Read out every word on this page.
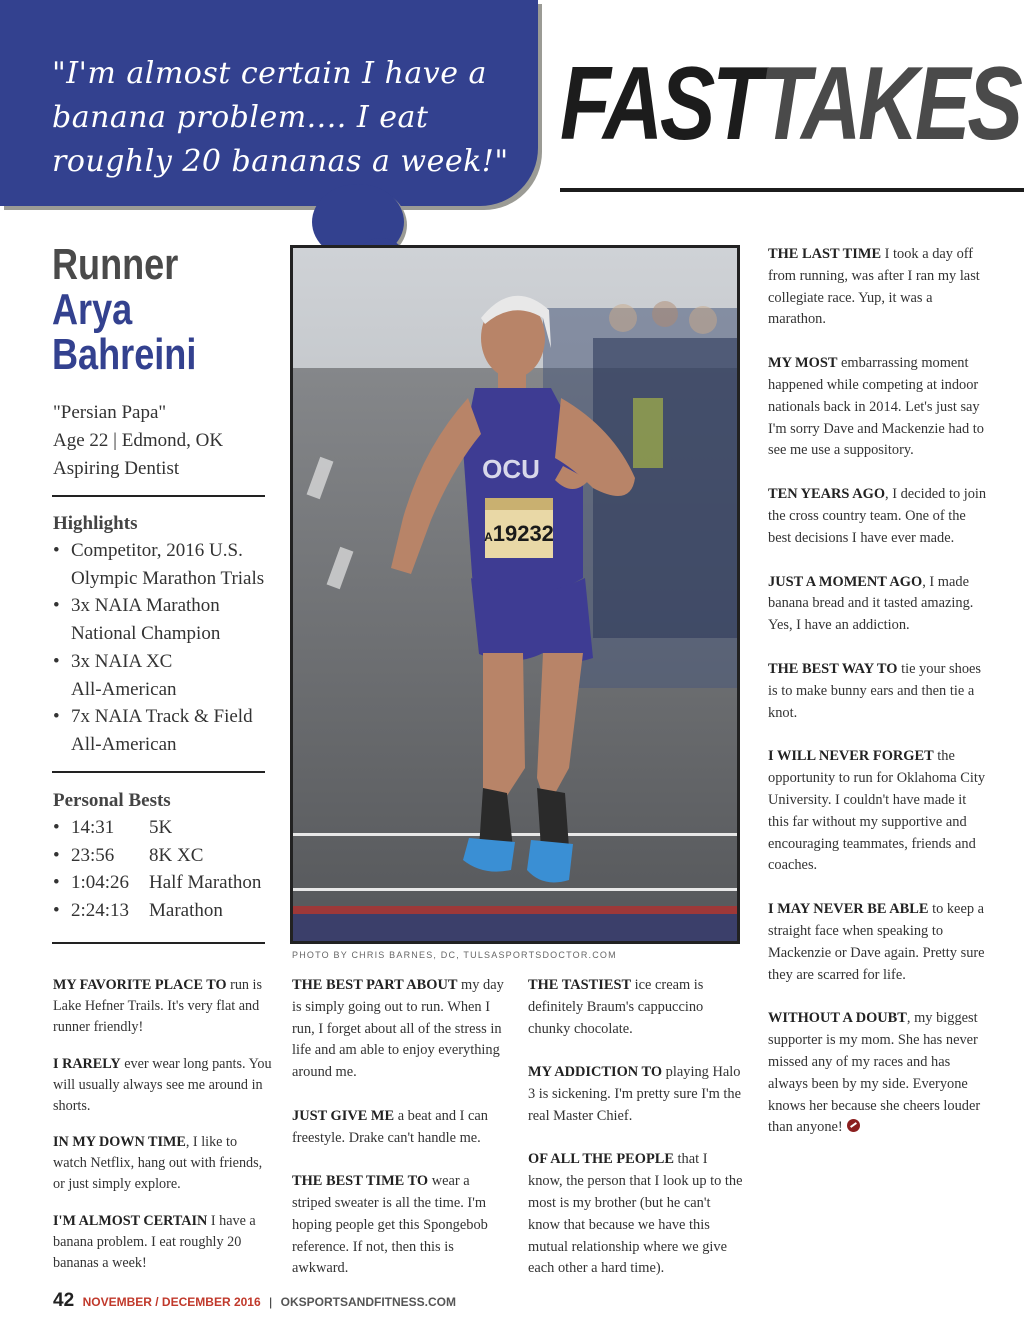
"I'm almost certain I have a banana problem.... I eat roughly 20 bananas a week!" FASTTAKES
Runner
Arya
Bahreini
"Persian Papa"
Age 22 | Edmond, OK
Aspiring Dentist
Highlights
• Competitor, 2016 U.S.
Olympic Marathon Trials
• 3x NAIA Marathon
National Champion
• 3x NAIA XC
All-American
• 7x NAIA Track & Field
All-American
Personal Bests
• 14:31 5K
• 23:56 8K XC
• 1:04:26 Half Marathon
• 2:24:13 Marathon
A19232
OCU
PHOTO BY CHRIS BARNES, DC, TULSASPORTSDOCTOR.COM

THE LAST TIME I took a day off from running, was after I ran my last collegiate race. Yup, it was a marathon.

MY MOST embarrassing moment happened while competing at indoor nationals back in 2014. Let's just say I'm sorry Dave and Mackenzie had to see me use a suppository.

TEN YEARS AGO, I decided to join the cross country team. One of the best decisions I have ever made.

JUST A MOMENT AGO, I made banana bread and it tasted amazing. Yes, I have an addiction.

THE BEST WAY TO tie your shoes is to make bunny ears and then tie a knot.

I WILL NEVER FORGET the opportunity to run for Oklahoma City University. I couldn't have made it this far without my supportive and encouraging teammates, friends and coaches.

I MAY NEVER BE ABLE to keep a straight face when speaking to Mackenzie or Dave again. Pretty sure they are scarred for life.

WITHOUT A DOUBT, my biggest supporter is my mom. She has never missed any of my races and has always been by my side. Everyone knows her because she cheers louder than anyone!

MY FAVORITE PLACE TO run is Lake Hefner Trails. It's very flat and runner friendly!

I RARELY ever wear long pants. You will usually always see me around in shorts.

IN MY DOWN TIME, I like to watch Netflix, hang out with friends, or just simply explore.

I'M ALMOST CERTAIN I have a banana problem. I eat roughly 20 bananas a week!

THE BEST PART ABOUT my day is simply going out to run. When I run, I forget about all of the stress in life and am able to enjoy everything around me.

JUST GIVE ME a beat and I can freestyle. Drake can't handle me.

THE BEST TIME TO wear a striped sweater is all the time. I'm hoping people get this Spongebob reference. If not, then this is awkward.

THE TASTIEST ice cream is definitely Braum's cappuccino chunky chocolate.

MY ADDICTION TO playing Halo 3 is sickening. I'm pretty sure I'm the real Master Chief.

OF ALL THE PEOPLE that I know, the person that I look up to the most is my brother (but he can't know that because we have this mutual relationship where we give each other a hard time).

42 NOVEMBER / DECEMBER 2016 | OKSPORTSANDFITNESS.COM
